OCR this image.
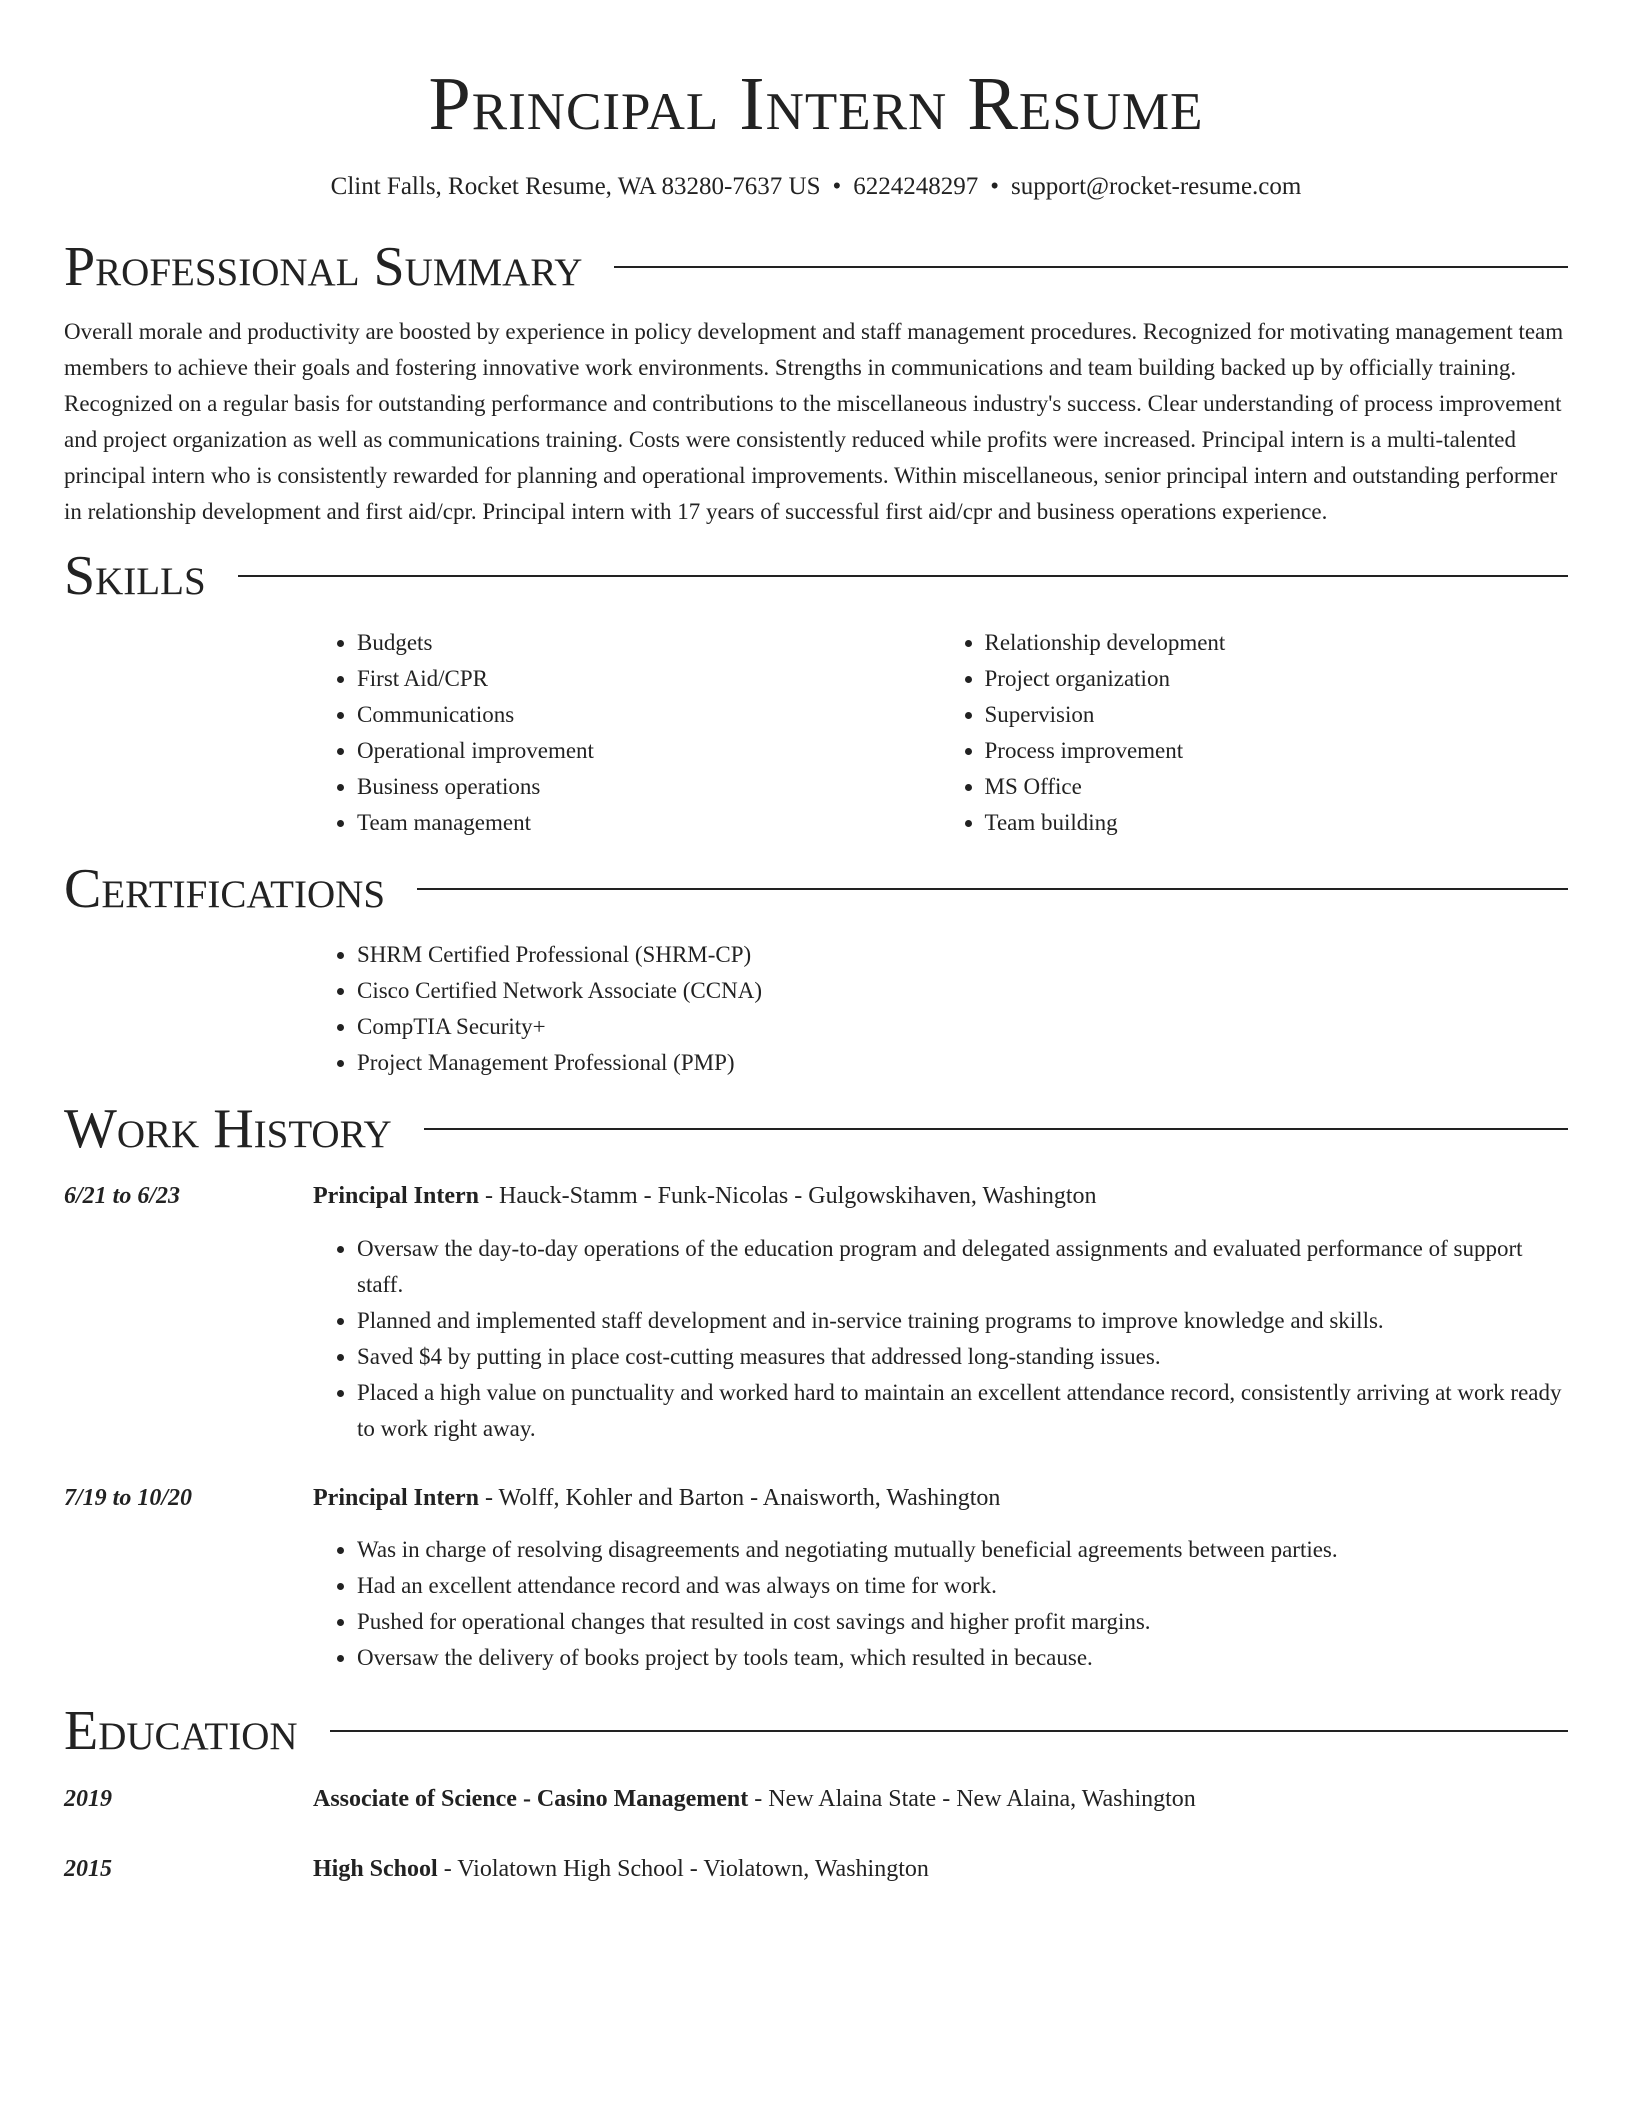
Principal Intern Resume
Clint Falls, Rocket Resume, WA 83280-7637 US • 6224248297 • support@rocket-resume.com
Professional Summary

Overall morale and productivity are boosted by experience in policy development and staff management procedures. Recognized for motivating management team members to achieve their goals and fostering innovative work environments. Strengths in communications and team building backed up by officially training. Recognized on a regular basis for outstanding performance and contributions to the miscellaneous industry's success. Clear understanding of process improvement and project organization as well as communications training. Costs were consistently reduced while profits were increased. Principal intern is a multi-talented principal intern who is consistently rewarded for planning and operational improvements. Within miscellaneous, senior principal intern and outstanding performer in relationship development and first aid/cpr. Principal intern with 17 years of successful first aid/cpr and business operations experience.

Skills
• Budgets
• First Aid/CPR
• Communications
• Operational improvement
• Business operations
• Team management
• Relationship development
• Project organization
• Supervision
• Process improvement
• MS Office
• Team building
Certifications
• SHRM Certified Professional (SHRM-CP)
• Cisco Certified Network Associate (CCNA)
• CompTIA Security+
• Project Management Professional (PMP)
Work History
6/21 to 6/23	Principal Intern - Hauck-Stamm - Funk-Nicolas - Gulgowskihaven, Washington
• Oversaw the day-to-day operations of the education program and delegated assignments and evaluated performance of support staff.
• Planned and implemented staff development and in-service training programs to improve knowledge and skills.
• Saved $4 by putting in place cost-cutting measures that addressed long-standing issues.
• Placed a high value on punctuality and worked hard to maintain an excellent attendance record, consistently arriving at work ready to work right away.
7/19 to 10/20	Principal Intern - Wolff, Kohler and Barton - Anaisworth, Washington
• Was in charge of resolving disagreements and negotiating mutually beneficial agreements between parties.
• Had an excellent attendance record and was always on time for work.
• Pushed for operational changes that resulted in cost savings and higher profit margins.
• Oversaw the delivery of books project by tools team, which resulted in because.
Education
2019	Associate of Science - Casino Management - New Alaina State - New Alaina, Washington
2015	High School - Violatown High School - Violatown, Washington
